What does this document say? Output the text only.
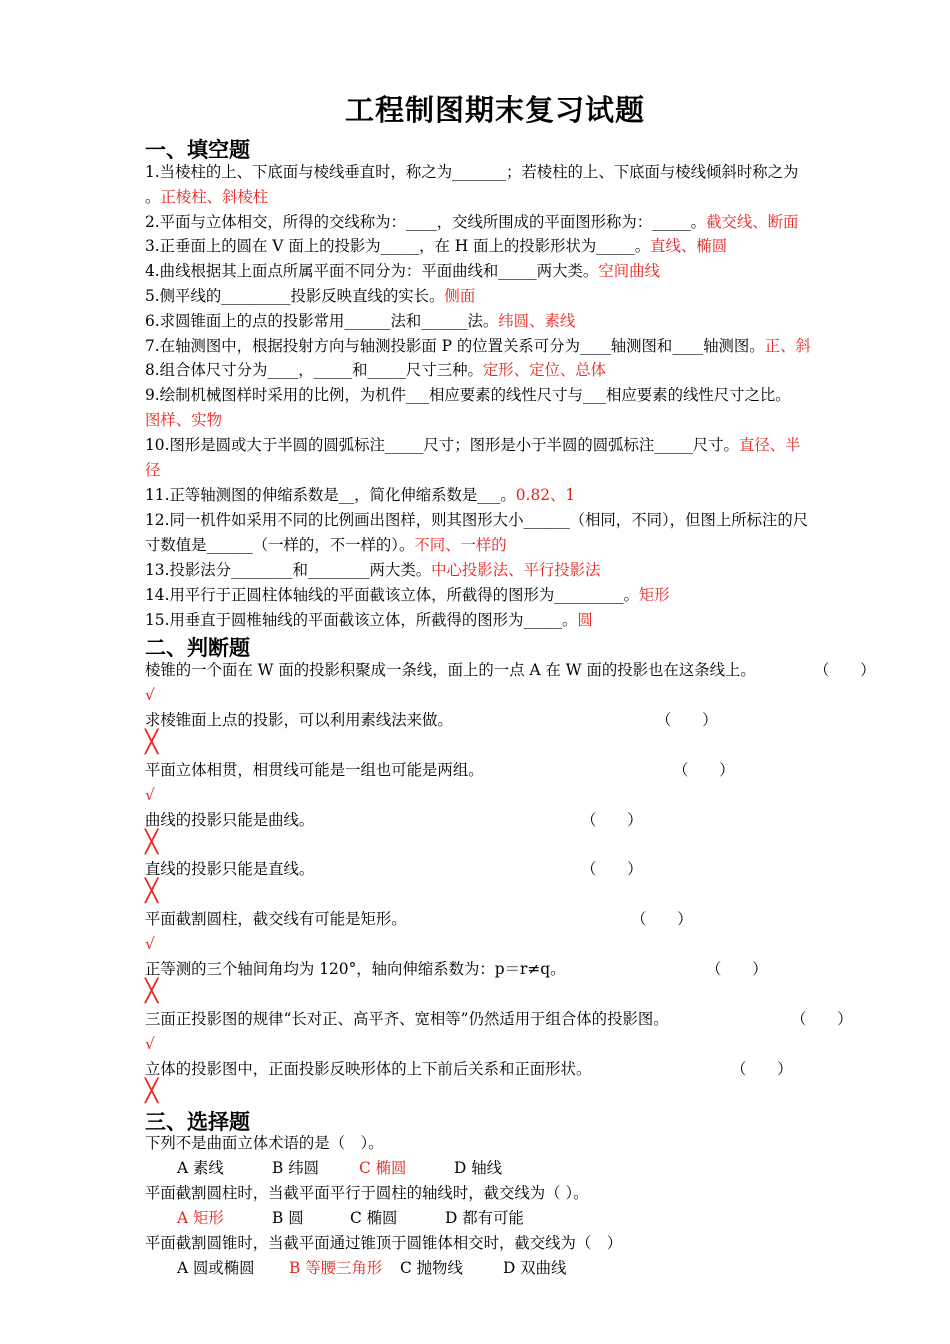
工程制图期末复习试题
一、填空题
1.当棱柱的上、下底面与棱线垂直时，称之为_______；若棱柱的上、下底面与棱线倾斜时称之为
。正棱柱、斜棱柱
2.平面与立体相交，所得的交线称为：____，交线所围成的平面图形称为：_____。截交线、断面
3.正垂面上的圆在 V 面上的投影为_____，在 H 面上的投影形状为_____。直线、椭圆
4.曲线根据其上面点所属平面不同分为：平面曲线和_____两大类。空间曲线
5.侧平线的_________投影反映直线的实长。侧面
6.求圆锥面上的点的投影常用______法和______法。纬圆、素线
7.在轴测图中，根据投射方向与轴测投影面 P 的位置关系可分为____轴测图和____轴测图。正、斜
8.组合体尺寸分为____，_____和_____尺寸三种。定形、定位、总体
9.绘制机械图样时采用的比例，为机件___相应要素的线性尺寸与___相应要素的线性尺寸之比。
图样、实物
10.图形是圆或大于半圆的圆弧标注_____尺寸；图形是小于半圆的圆弧标注_____尺寸。直径、半
径
11.正等轴测图的伸缩系数是__，简化伸缩系数是___。0.82、1
12.同一机件如采用不同的比例画出图样，则其图形大小______（相同，不同），但图上所标注的尺
寸数值是______（一样的，不一样的）。不同、一样的
13.投影法分________和________两大类。中心投影法、平行投影法
14.用平行于正圆柱体轴线的平面截该立体，所截得的图形为_________。矩形
15.用垂直于圆椎轴线的平面截该立体，所截得的图形为_____。圆
二、判断题
棱锥的一个面在 W 面的投影积聚成一条线，面上的一点 A 在 W 面的投影也在这条线上。	（　　）
√
求棱锥面上点的投影，可以利用素线法来做。	（　　）
╳
平面立体相贯，相贯线可能是一组也可能是两组。	（　　）
√
曲线的投影只能是曲线。	（　　）
╳
直线的投影只能是直线。	（　　）
╳
平面截割圆柱，截交线有可能是矩形。	（　　）
√
正等测的三个轴间角均为 120°，轴向伸缩系数为：p＝r≠q。	（　　）
╳
三面正投影图的规律“长对正、高平齐、宽相等”仍然适用于组合体的投影图。	（　　）
√
立体的投影图中，正面投影反映形体的上下前后关系和正面形状。	（　　）
╳
三、选择题
下列不是曲面立体术语的是（　）。
A 素线	B 纬圆	C 椭圆	D 轴线
平面截割圆柱时，当截平面平行于圆柱的轴线时，截交线为（ ）。
A 矩形	B 圆	C 椭圆	D 都有可能
平面截割圆锥时，当截平面通过锥顶于圆锥体相交时，截交线为（　）
A 圆或椭圆 B 等腰三角形 C 抛物线	D 双曲线
